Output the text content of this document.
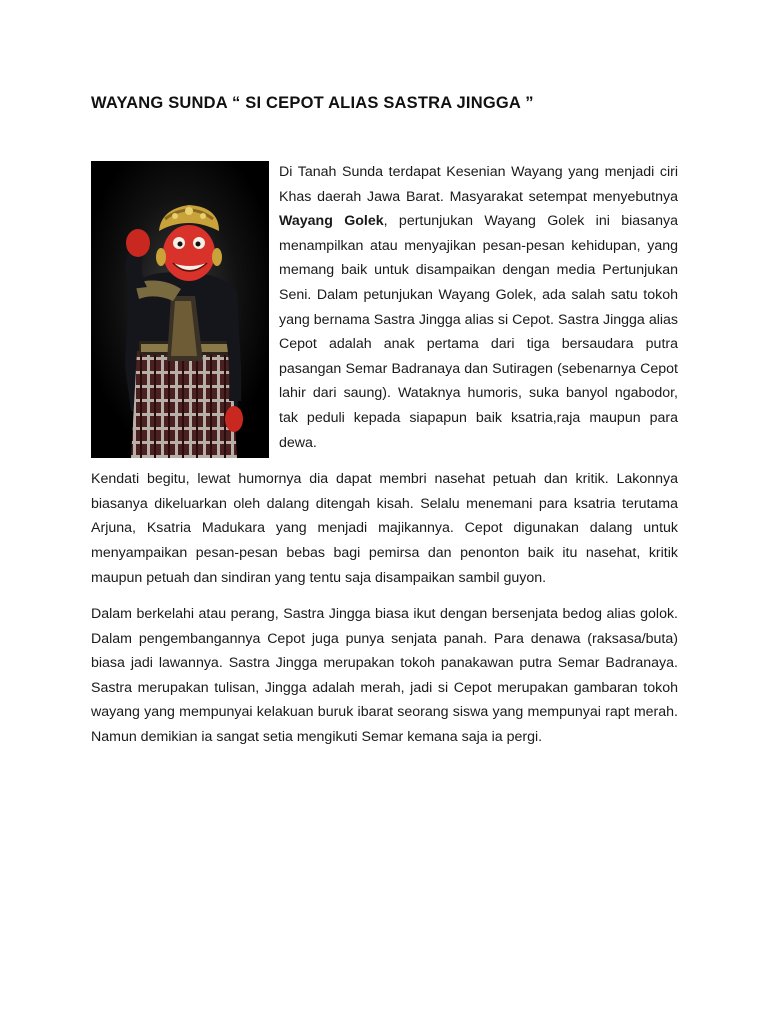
WAYANG SUNDA “ SI CEPOT ALIAS SASTRA JINGGA ”

Di Tanah Sunda terdapat Kesenian Wayang yang menjadi ciri Khas daerah Jawa Barat. Masyarakat setempat menyebutnya Wayang Golek, pertunjukan Wayang Golek ini biasanya menampilkan atau menyajikan pesan-pesan kehidupan, yang memang baik untuk disampaikan dengan media Pertunjukan Seni. Dalam petunjukan Wayang Golek, ada salah satu tokoh yang bernama Sastra Jingga alias si Cepot. Sastra Jingga alias Cepot adalah anak pertama dari tiga bersaudara putra pasangan Semar Badranaya dan Sutiragen (sebenarnya Cepot lahir dari saung). Wataknya humoris, suka banyol ngabodor, tak peduli kepada siapapun baik ksatria,raja maupun para dewa.

Kendati begitu, lewat humornya dia dapat membri nasehat petuah dan kritik. Lakonnya biasanya dikeluarkan oleh dalang ditengah kisah. Selalu menemani para ksatria terutama Arjuna, Ksatria Madukara yang menjadi majikannya. Cepot digunakan dalang untuk menyampaikan pesan-pesan bebas bagi pemirsa dan penonton baik itu nasehat, kritik maupun petuah dan sindiran yang tentu saja disampaikan sambil guyon.

Dalam berkelahi atau perang, Sastra Jingga biasa ikut dengan bersenjata bedog alias golok. Dalam pengembangannya Cepot juga punya senjata panah. Para denawa (raksasa/buta) biasa jadi lawannya. Sastra Jingga merupakan tokoh panakawan putra Semar Badranaya. Sastra merupakan tulisan, Jingga adalah merah, jadi si Cepot merupakan gambaran tokoh wayang yang mempunyai kelakuan buruk ibarat seorang siswa yang mempunyai rapt merah. Namun demikian ia sangat setia mengikuti Semar kemana saja ia pergi.
